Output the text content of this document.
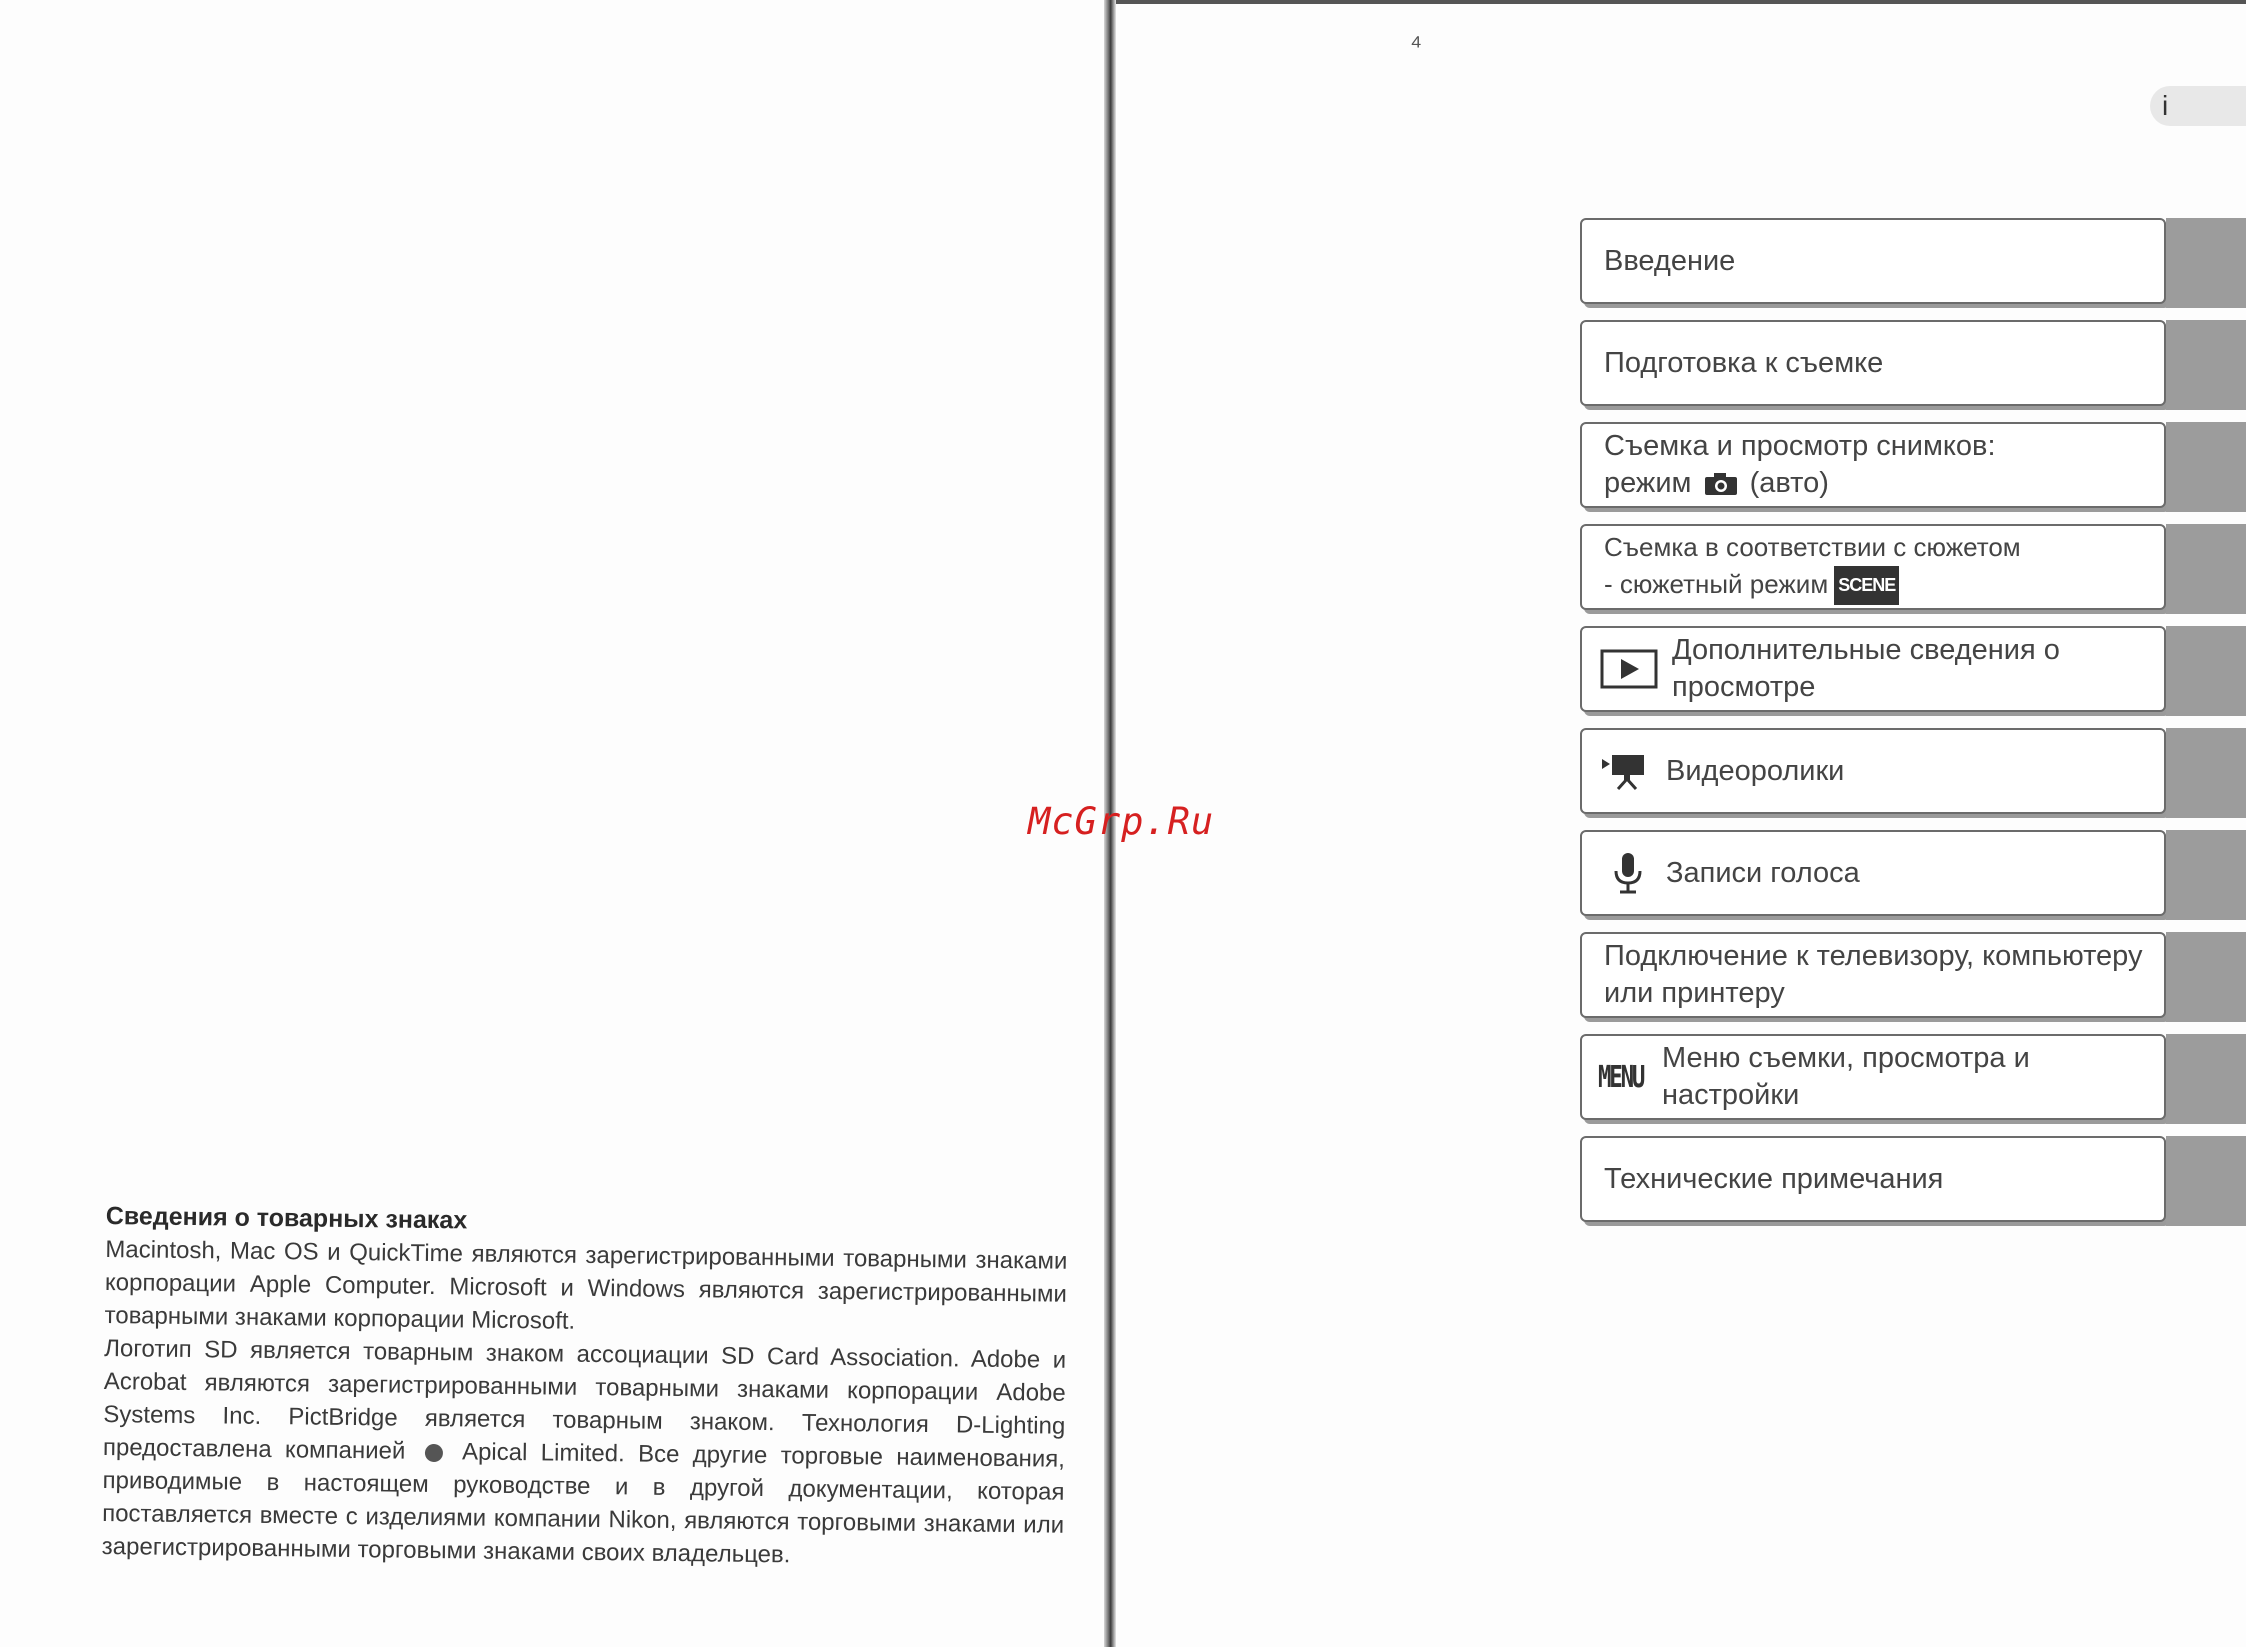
Сведения о товарных знаках
Macintosh, Mac OS и QuickTime являются зарегистрированными товарными знаками корпорации Apple Computer. Microsoft и Windows являются зарегистрированными товарными знаками корпорации Microsoft.
Логотип SD является товарным знаком ассоциации SD Card Association. Adobe и Acrobat являются зарегистрированными товарными знаками корпорации Adobe Systems Inc. PictBridge является товарным знаком. Технология D-Lighting предоставлена компанией Apical Limited. Все другие торговые наименования, приводимые в настоящем руководстве и в другой документации, которая поставляется вместе с изделиями компании Nikon, являются торговыми знаками или зарегистрированными торговыми знаками своих владельцев.
⁴
i
McGrp.Ru
Введение
Подготовка к съемке
Съемка и просмотр снимков:
режим (авто)
Съемка в соответствии с сюжетом
- сюжетный режим SCENE
Дополнительные сведения о просмотре
Видеоролики
Записи голоса
Подключение к телевизору, компьютеру или принтеру
MENU
Меню съемки, просмотра и настройки
Технические примечания
